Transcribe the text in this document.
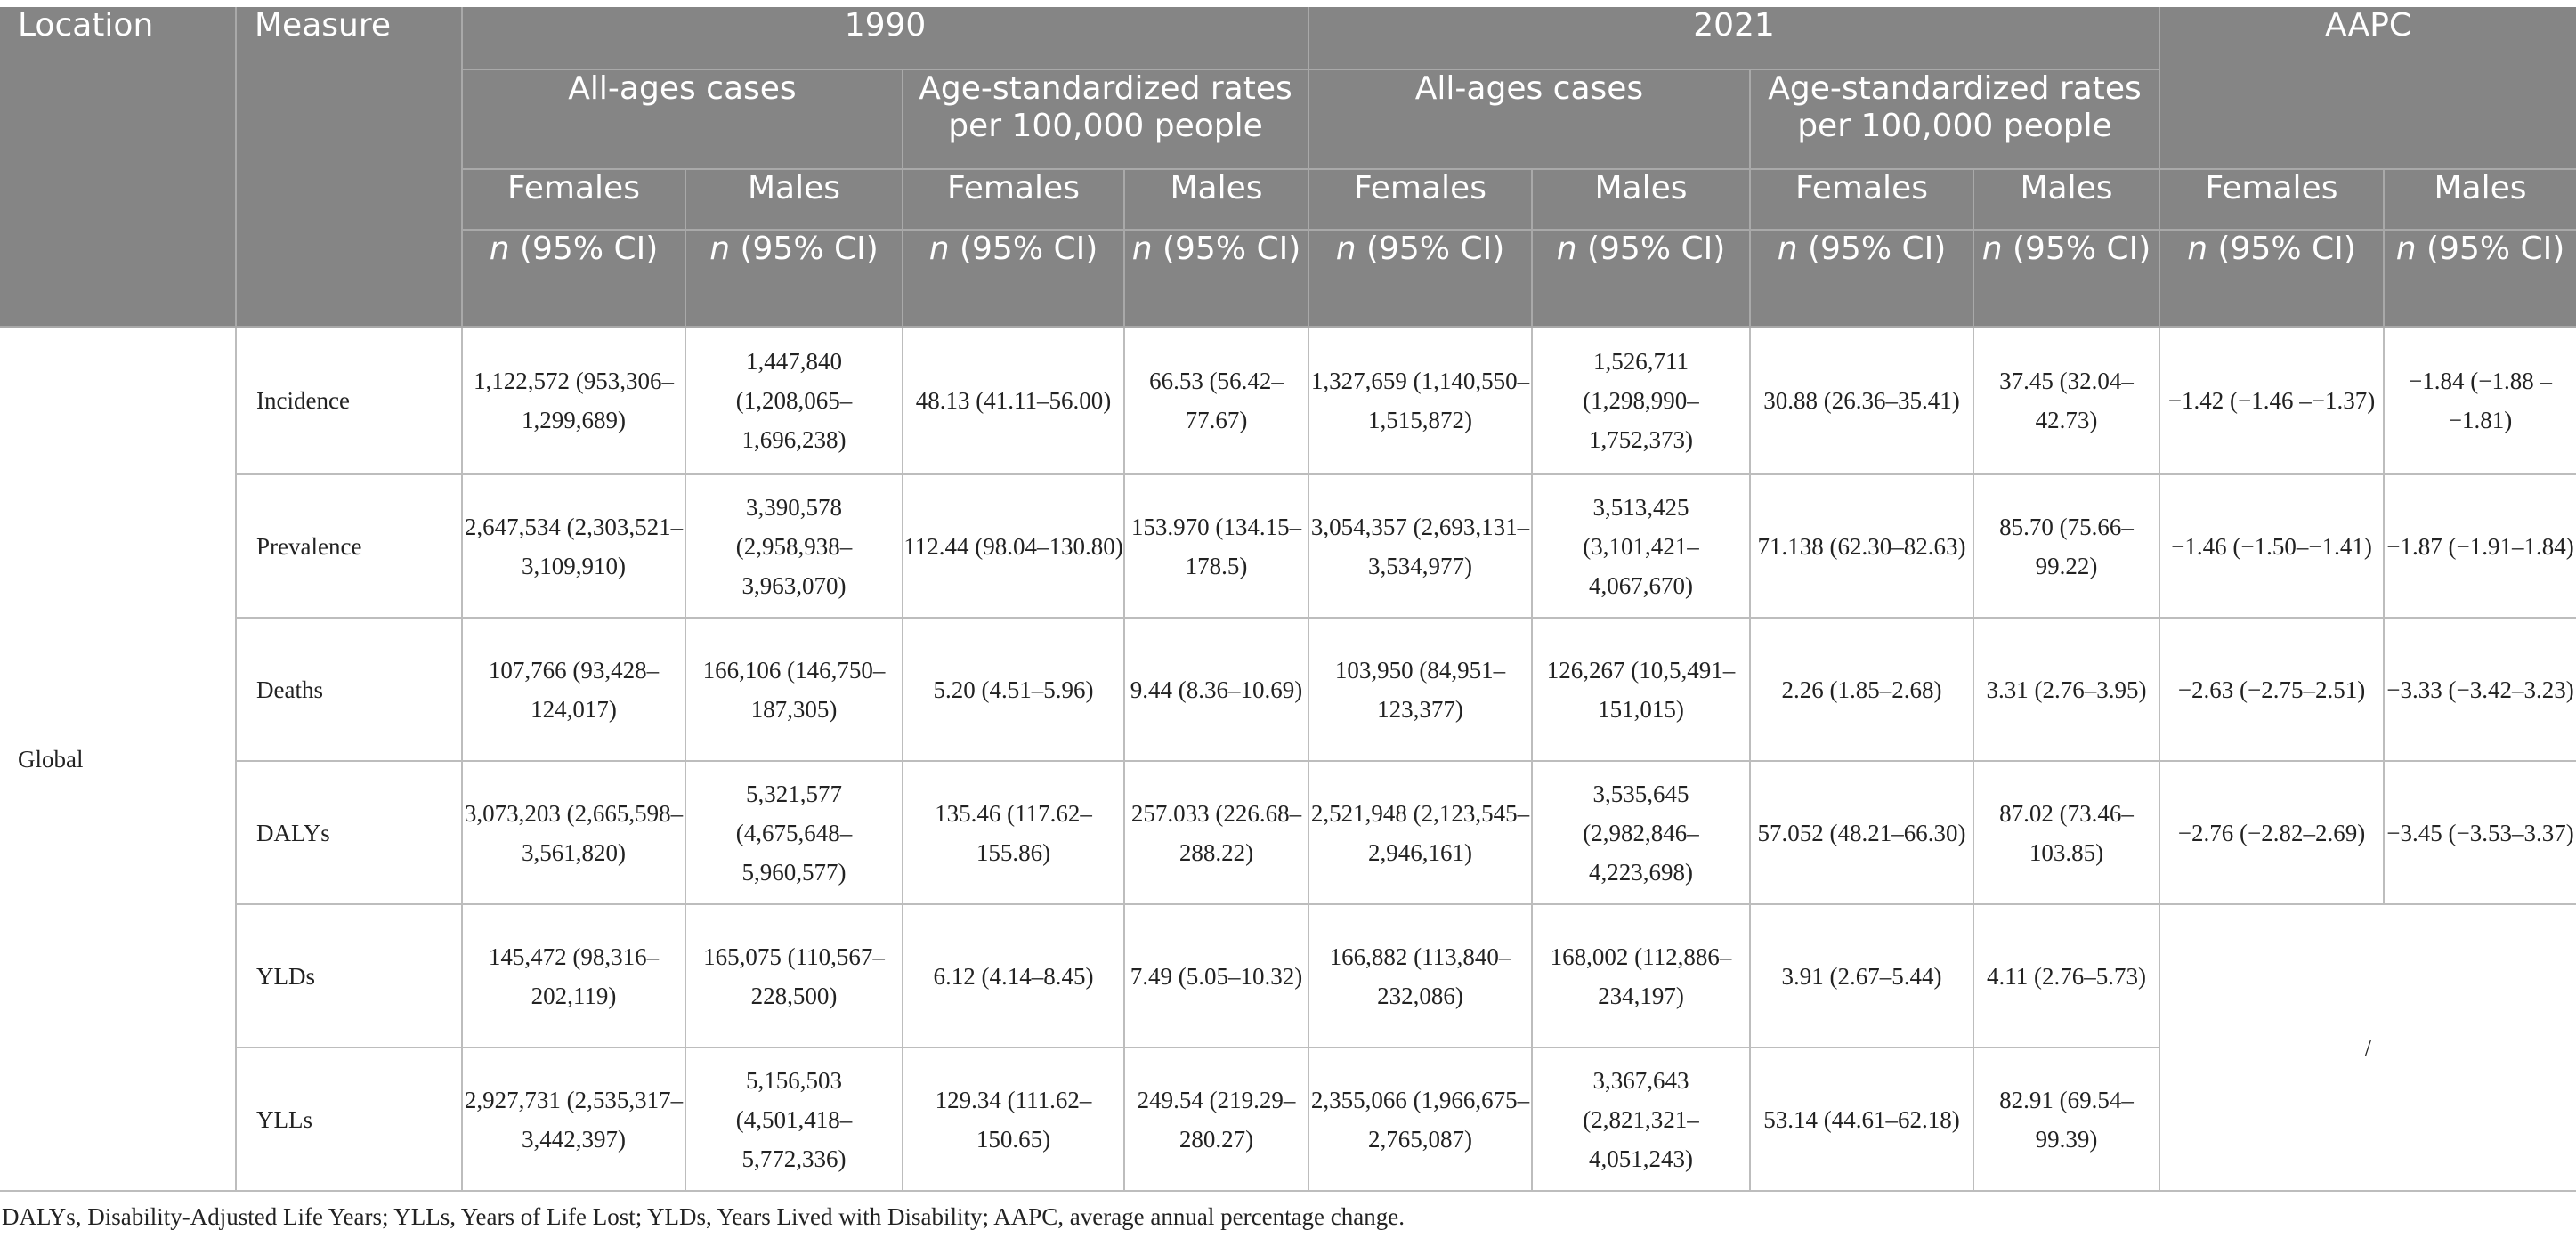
Location	Measure	1990				2021				AAPC	
		All-ages cases		Age-standardized rates per 100,000 people		All-ages cases		Age-standardized rates per 100,000 people			
		Females	Males	Females	Males	Females	Males	Females	Males	Females	Males
		n (95% CI)	n (95% CI)	n (95% CI)	n (95% CI)	n (95% CI)	n (95% CI)	n (95% CI)	n (95% CI)	n (95% CI)	n (95% CI)
Global	Incidence	1,122,572 (953,306–1,299,689)	1,447,840 (1,208,065–1,696,238)	48.13 (41.11–56.00)	66.53 (56.42–77.67)	1,327,659 (1,140,550–1,515,872)	1,526,711 (1,298,990–1,752,373)	30.88 (26.36–35.41)	37.45 (32.04–42.73)	−1.42 (−1.46 –−1.37)	−1.84 (−1.88 –−1.81)
	Prevalence	2,647,534 (2,303,521–3,109,910)	3,390,578 (2,958,938–3,963,070)	112.44 (98.04–130.80)	153.970 (134.15–178.5)	3,054,357 (2,693,131–3,534,977)	3,513,425 (3,101,421–4,067,670)	71.138 (62.30–82.63)	85.70 (75.66–99.22)	−1.46 (−1.50–−1.41)	−1.87 (−1.91–1.84)
	Deaths	107,766 (93,428–124,017)	166,106 (146,750–187,305)	5.20 (4.51–5.96)	9.44 (8.36–10.69)	103,950 (84,951–123,377)	126,267 (10,5,491–151,015)	2.26 (1.85–2.68)	3.31 (2.76–3.95)	−2.63 (−2.75–2.51)	−3.33 (−3.42–3.23)
	DALYs	3,073,203 (2,665,598–3,561,820)	5,321,577 (4,675,648–5,960,577)	135.46 (117.62–155.86)	257.033 (226.68–288.22)	2,521,948 (2,123,545–2,946,161)	3,535,645 (2,982,846–4,223,698)	57.052 (48.21–66.30)	87.02 (73.46–103.85)	−2.76 (−2.82–2.69)	−3.45 (−3.53–3.37)
	YLDs	145,472 (98,316–202,119)	165,075 (110,567–228,500)	6.12 (4.14–8.45)	7.49 (5.05–10.32)	166,882 (113,840–232,086)	168,002 (112,886–234,197)	3.91 (2.67–5.44)	4.11 (2.76–5.73)	/	
	YLLs	2,927,731 (2,535,317–3,442,397)	5,156,503 (4,501,418–5,772,336)	129.34 (111.62–150.65)	249.54 (219.29–280.27)	2,355,066 (1,966,675–2,765,087)	3,367,643 (2,821,321–4,051,243)	53.14 (44.61–62.18)	82.91 (69.54–99.39)		
DALYs, Disability-Adjusted Life Years; YLLs, Years of Life Lost; YLDs, Years Lived with Disability; AAPC, average annual percentage change.
